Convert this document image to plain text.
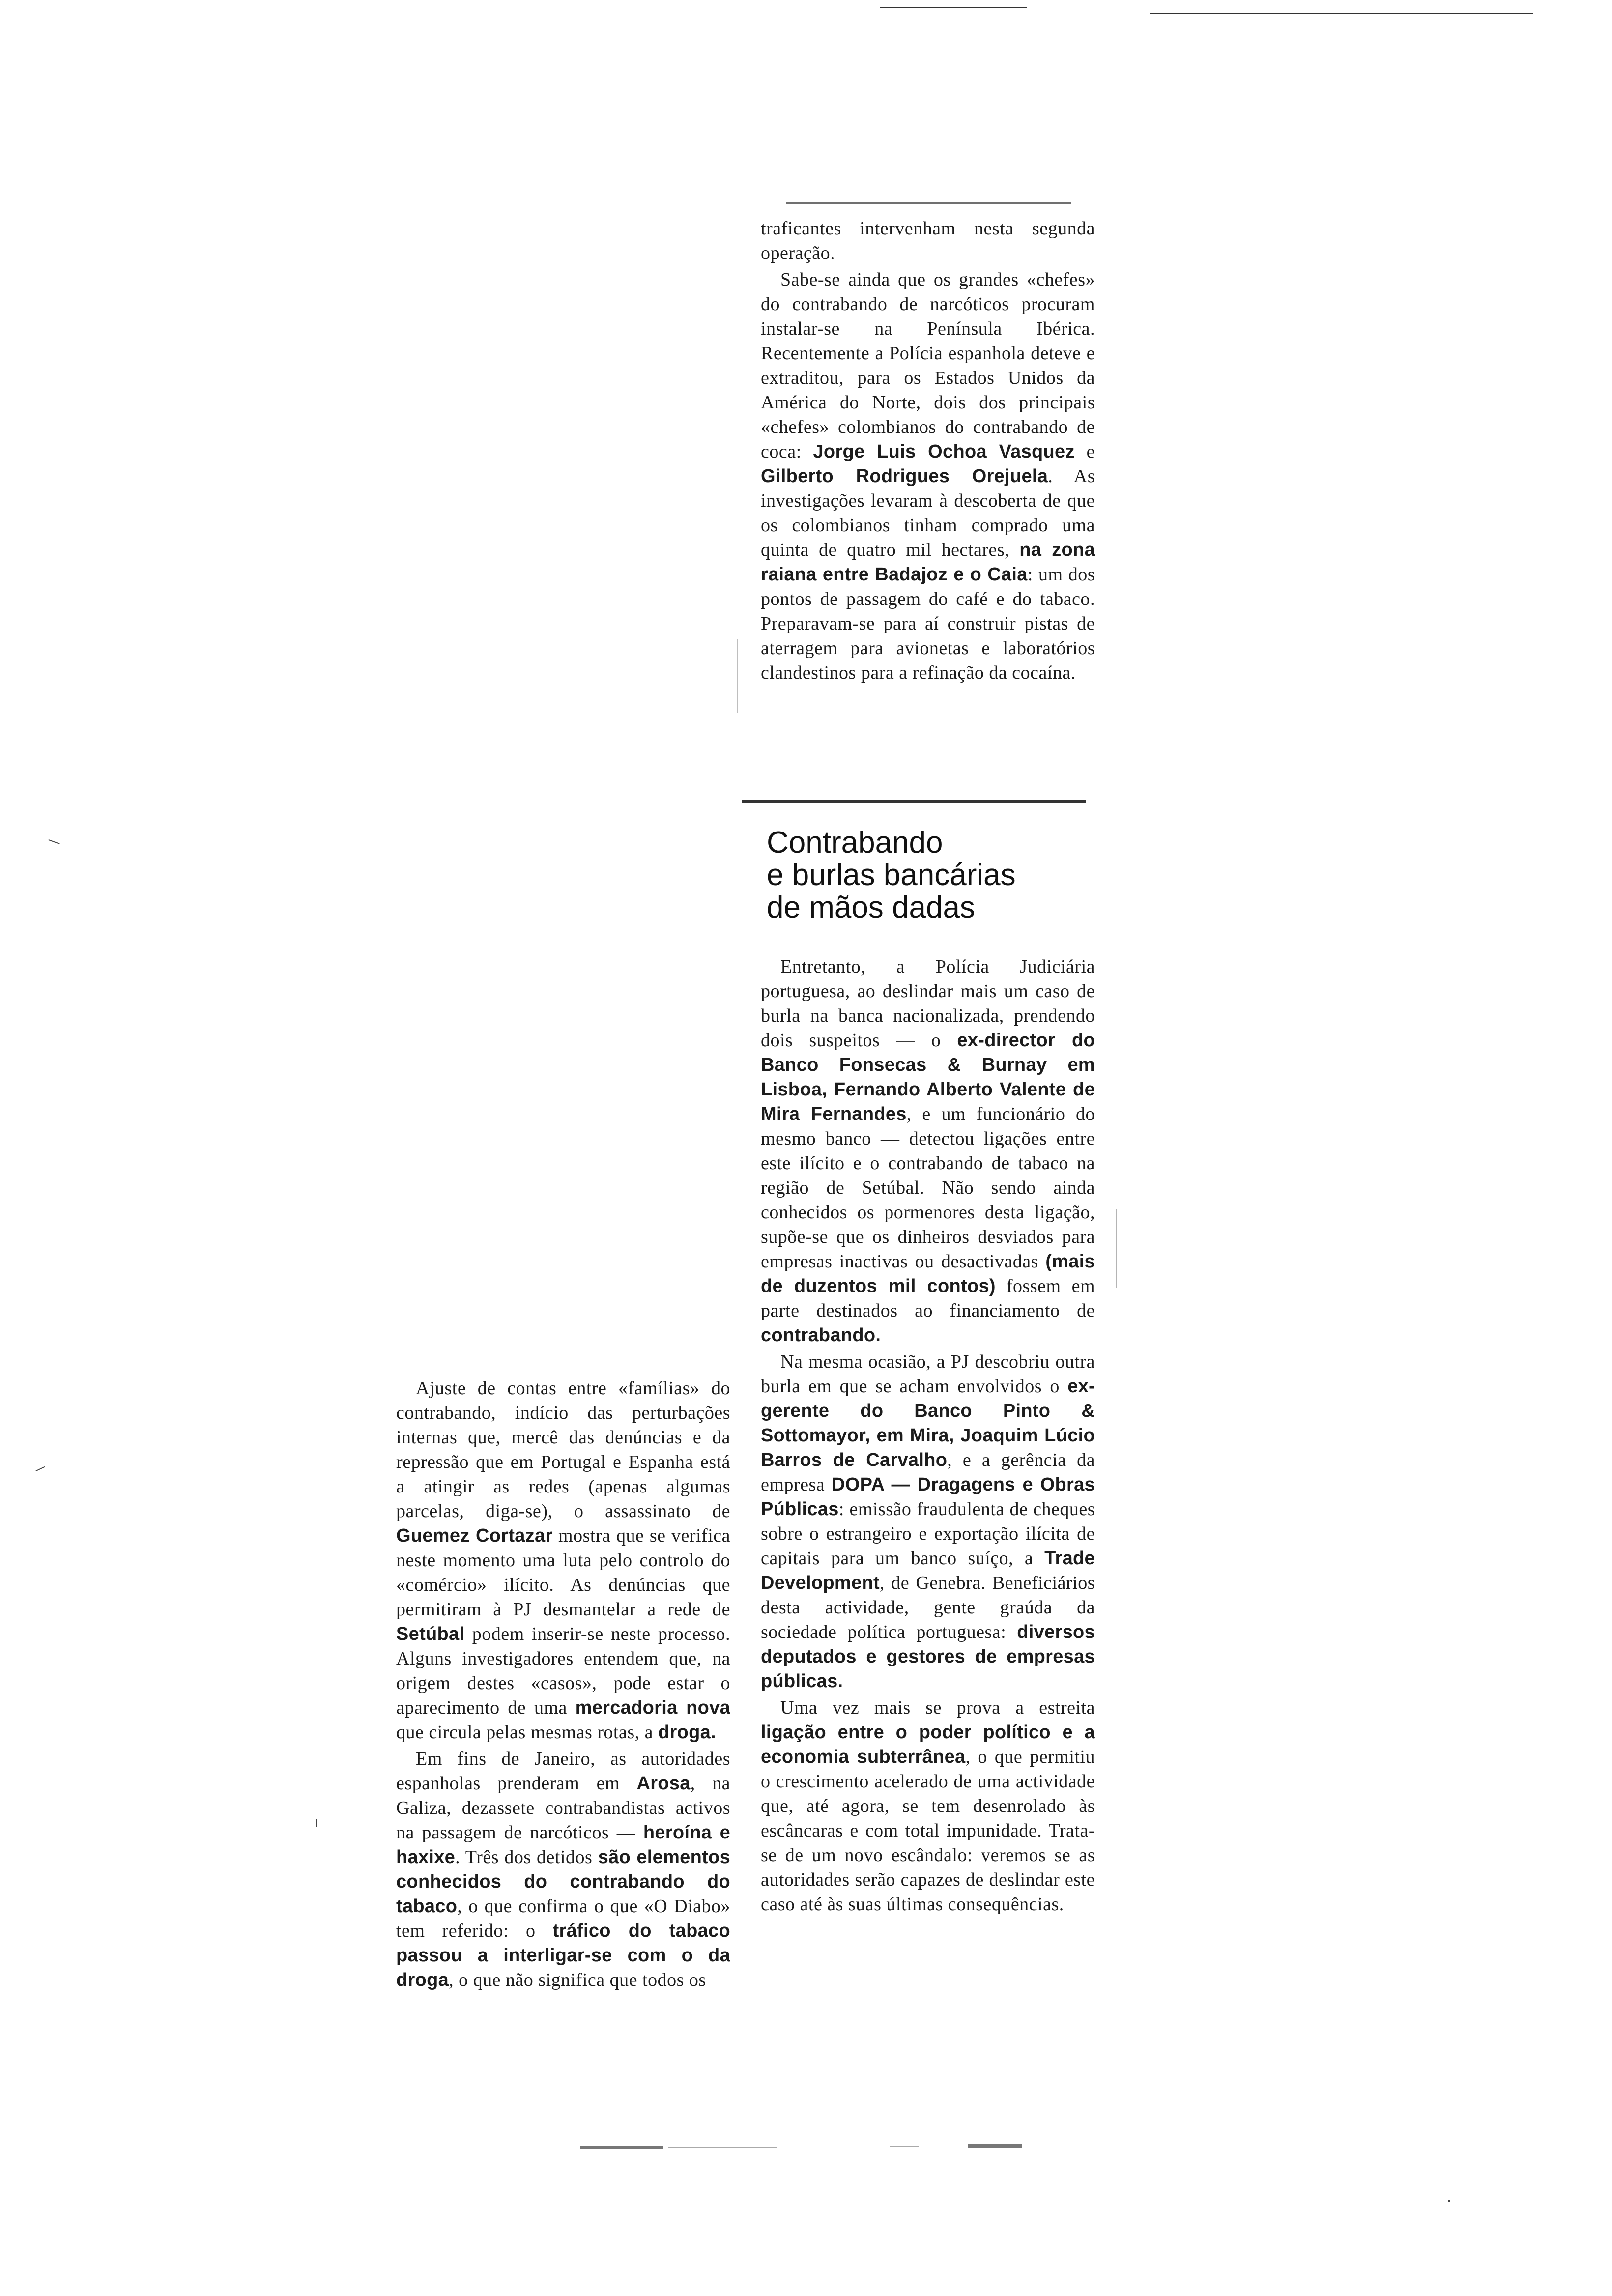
traficantes intervenham nesta segunda operação.

Sabe-se ainda que os grandes «chefes» do contrabando de narcóticos procuram instalar-se na Península Ibérica. Recentemente a Polícia espanhola deteve e extraditou, para os Estados Unidos da América do Norte, dois dos principais «chefes» colombianos do contrabando de coca: Jorge Luis Ochoa Vasquez e Gilberto Rodrigues Orejuela. As investigações levaram à descoberta de que os colombianos tinham comprado uma quinta de quatro mil hectares, na zona raiana entre Badajoz e o Caia: um dos pontos de passagem do café e do tabaco. Preparavam-se para aí construir pistas de aterragem para avionetas e laboratórios clandestinos para a refinação da cocaína.

Contrabando
e burlas bancárias
de mãos dadas

Entretanto, a Polícia Judiciária portuguesa, ao deslindar mais um caso de burla na banca nacionalizada, prendendo dois suspeitos — o ex-director do Banco Fonsecas & Burnay em Lisboa, Fernando Alberto Valente de Mira Fernandes, e um funcionário do mesmo banco — detectou ligações entre este ilícito e o contrabando de tabaco na região de Setúbal. Não sendo ainda conhecidos os pormenores desta ligação, supõe-se que os dinheiros desviados para empresas inactivas ou desactivadas (mais de duzentos mil contos) fossem em parte destinados ao financiamento de contrabando.

Na mesma ocasião, a PJ descobriu outra burla em que se acham envolvidos o ex-gerente do Banco Pinto & Sottomayor, em Mira, Joaquim Lúcio Barros de Carvalho, e a gerência da empresa DOPA — Dragagens e Obras Públicas: emissão fraudulenta de cheques sobre o estrangeiro e exportação ilícita de capitais para um banco suíço, a Trade Development, de Genebra. Beneficiários desta actividade, gente graúda da sociedade política portuguesa: diversos deputados e gestores de empresas públicas.

Uma vez mais se prova a estreita ligação entre o poder político e a economia subterrânea, o que permitiu o crescimento acelerado de uma actividade que, até agora, se tem desenrolado às escâncaras e com total impunidade. Trata-se de um novo escândalo: veremos se as autoridades serão capazes de deslindar este caso até às suas últimas consequências.

Ajuste de contas entre «famílias» do contrabando, indício das perturbações internas que, mercê das denúncias e da repressão que em Portugal e Espanha está a atingir as redes (apenas algumas parcelas, diga-se), o assassinato de Guemez Cortazar mostra que se verifica neste momento uma luta pelo controlo do «comércio» ilícito. As denúncias que permitiram à PJ desmantelar a rede de Setúbal podem inserir-se neste processo. Alguns investigadores entendem que, na origem destes «casos», pode estar o aparecimento de uma mercadoria nova que circula pelas mesmas rotas, a droga.

Em fins de Janeiro, as autoridades espanholas prenderam em Arosa, na Galiza, dezassete contrabandistas activos na passagem de narcóticos — heroína e haxixe. Três dos detidos são elementos conhecidos do contrabando do tabaco, o que confirma o que «O Diabo» tem referido: o tráfico do tabaco passou a interligar-se com o da droga, o que não significa que todos os
